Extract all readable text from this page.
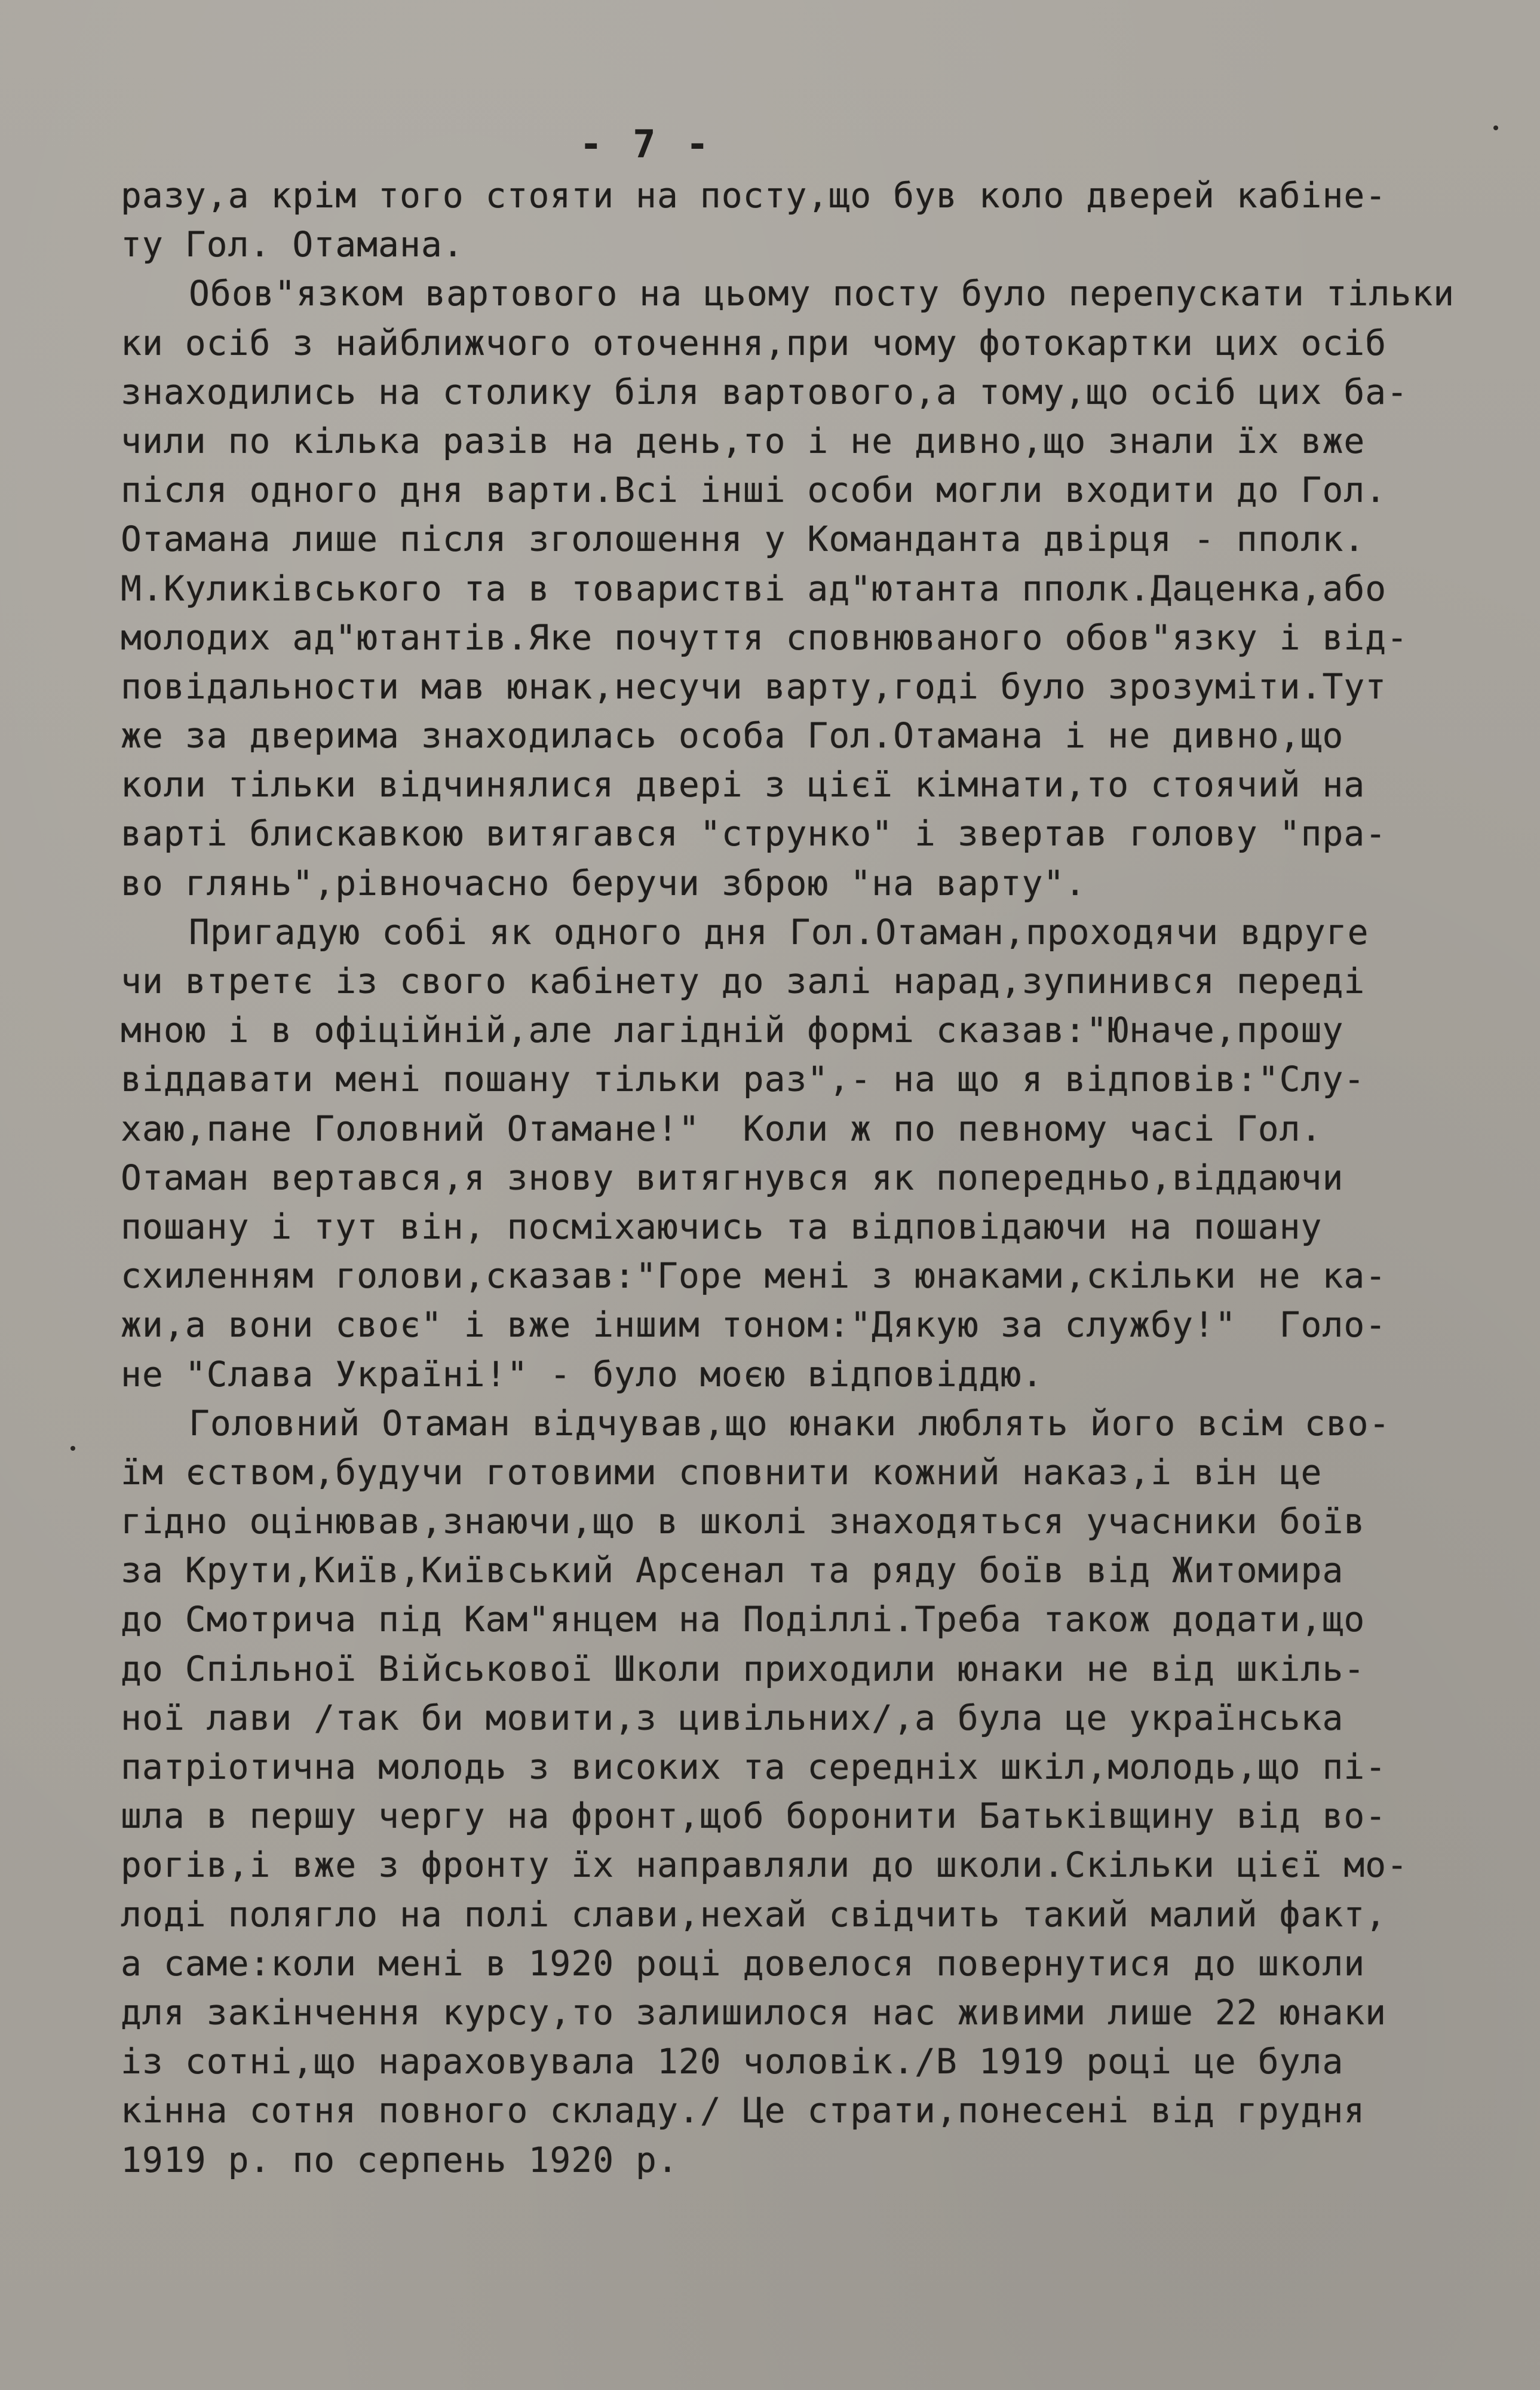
- 7 -
разу,а крім того стояти на посту,що був коло дверей кабіне-
ту Гол. Отамана.
Обов"язком вартового на цьому посту було перепускати тільки
ки осіб з найближчого оточення,при чому фотокартки цих осіб
знаходились на столику біля вартового,а тому,що осіб цих ба-
чили по кілька разів на день,то і не дивно,що знали їх вже
після одного дня варти.Всі інші особи могли входити до Гол.
Отамана лише після зголошення у Команданта двірця - пполк.
М.Куликівського та в товаристві ад"ютанта пполк.Даценка,або
молодих ад"ютантів.Яке почуття сповнюваного обов"язку і від-
повідальности мав юнак,несучи варту,годі було зрозуміти.Тут
же за дверима знаходилась особа Гол.Отамана і не дивно,що
коли тільки відчинялися двері з цієї кімнати,то стоячий на
варті блискавкою витягався "струнко" і звертав голову "пра-
во глянь",рівночасно беручи зброю "на варту".
Пригадую собі як одного дня Гол.Отаман,проходячи вдруге
чи втретє із свого кабінету до залі нарад,зупинився переді
мною і в офіційній,але лагідній формі сказав:"Юначе,прошу
віддавати мені пошану тільки раз",- на що я відповів:"Слу-
хаю,пане Головний Отамане!"  Коли ж по певному часі Гол.
Отаман вертався,я знову витягнувся як попередньо,віддаючи
пошану і тут він, посміхаючись та відповідаючи на пошану
схиленням голови,сказав:"Горе мені з юнаками,скільки не ка-
жи,а вони своє" і вже іншим тоном:"Дякую за службу!"  Голо-
не "Слава Україні!" - було моєю відповіддю.
Головний Отаман відчував,що юнаки люблять його всім сво-
їм єством,будучи готовими сповнити кожний наказ,і він це
гідно оцінював,знаючи,що в школі знаходяться учасники боїв
за Крути,Київ,Київський Арсенал та ряду боїв від Житомира
до Смотрича під Кам"янцем на Поділлі.Треба також додати,що
до Спільної Військової Школи приходили юнаки не від шкіль-
ної лави /так би мовити,з цивільних/,а була це українська
патріотична молодь з високих та середніх шкіл,молодь,що пі-
шла в першу чергу на фронт,щоб боронити Батьківщину від во-
рогів,і вже з фронту їх направляли до школи.Скільки цієї мо-
лоді полягло на полі слави,нехай свідчить такий малий факт,
а саме:коли мені в 1920 році довелося повернутися до школи
для закінчення курсу,то залишилося нас живими лише 22 юнаки
із сотні,що нараховувала 120 чоловік./В 1919 році це була
кінна сотня повного складу./ Це страти,понесені від грудня
1919 р. по серпень 1920 р.
